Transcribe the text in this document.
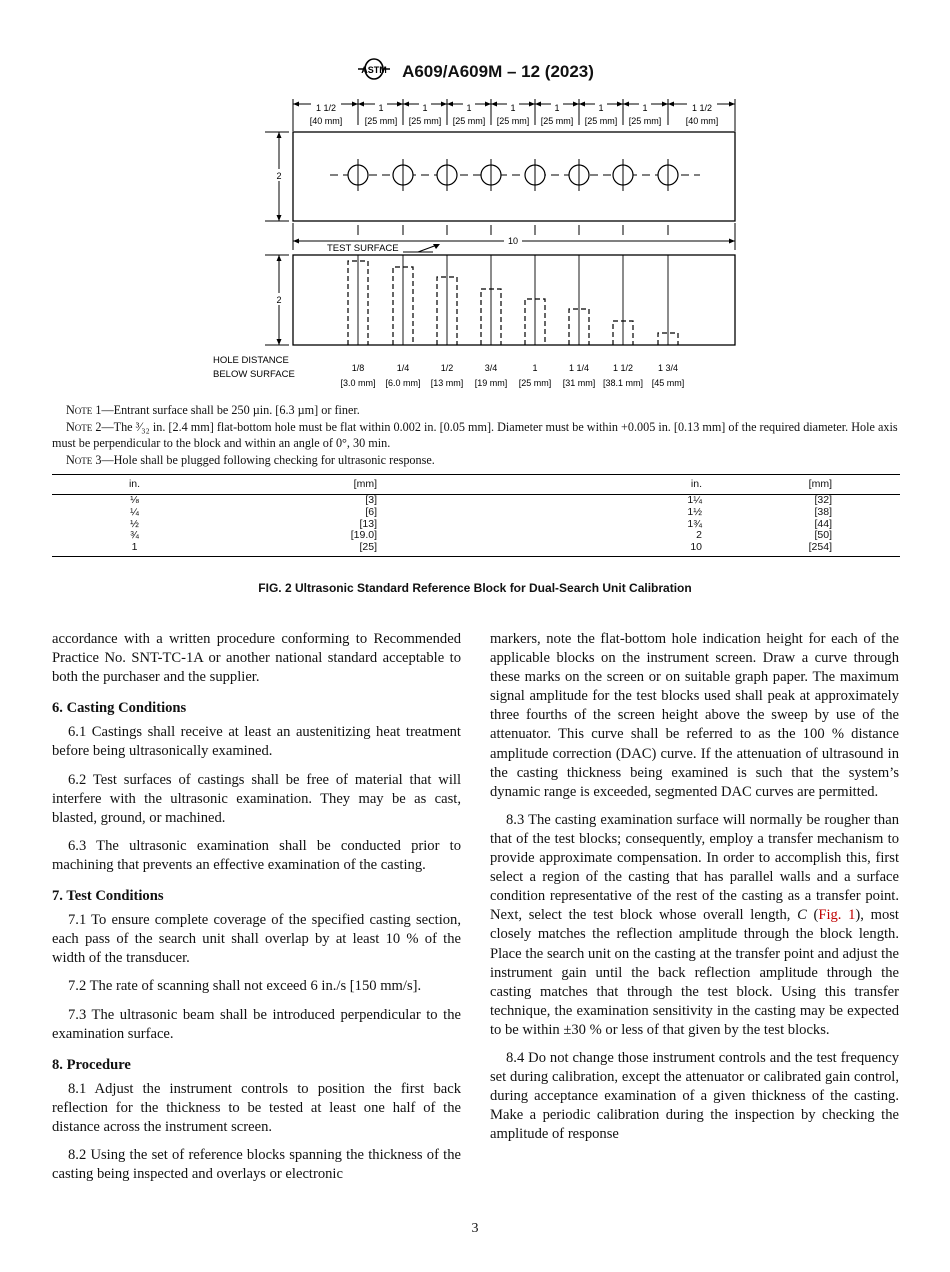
ASTM A609/A609M – 12 (2023)
1 1/2
[40 mm]
1
[25 mm]
1
[25 mm]
1
[25 mm]
1
[25 mm]
1
[25 mm]
1
[25 mm]
1
[25 mm]
1 1/2
[40 mm]
2
10
TEST SURFACE
2
HOLE DISTANCE
BELOW SURFACE
1/8	1/4	1/2	3/4	1	1 1/4	1 1/2	1 3/4
[3.0 mm] [6.0 mm] [13 mm] [19 mm] [25 mm] [31 mm] [38.1 mm] [45 mm]

Note 1—Entrant surface shall be 250 µin. [6.3 µm] or finer.

Note 2—The ³⁄₃₂ in. [2.4 mm] flat-bottom hole must be flat within 0.002 in. [0.05 mm]. Diameter must be within +0.005 in. [0.13 mm] of the required diameter. Hole axis must be perpendicular to the block and within an angle of 0°, 30 min.

Note 3—Hole shall be plugged following checking for ultrasonic response.

in.	[mm]	in.	[mm]
⅛	[3]	1¼	[32]
¼	[6]	1½	[38]
½	[13]	1¾	[44]
¾	[19.0]	2	[50]
1	[25]	10	[254]
FIG. 2 Ultrasonic Standard Reference Block for Dual-Search Unit Calibration

accordance with a written procedure conforming to Recommended Practice No. SNT-TC-1A or another national standard acceptable to both the purchaser and the supplier.

6. Casting Conditions

6.1 Castings shall receive at least an austenitizing heat treatment before being ultrasonically examined.

6.2 Test surfaces of castings shall be free of material that will interfere with the ultrasonic examination. They may be as cast, blasted, ground, or machined.

6.3 The ultrasonic examination shall be conducted prior to machining that prevents an effective examination of the casting.

7. Test Conditions

7.1 To ensure complete coverage of the specified casting section, each pass of the search unit shall overlap by at least 10 % of the width of the transducer.

7.2 The rate of scanning shall not exceed 6 in./s [150 mm/s].

7.3 The ultrasonic beam shall be introduced perpendicular to the examination surface.

8. Procedure

8.1 Adjust the instrument controls to position the first back reflection for the thickness to be tested at least one half of the distance across the instrument screen.

8.2 Using the set of reference blocks spanning the thickness of the casting being inspected and overlays or electronic

markers, note the flat-bottom hole indication height for each of the applicable blocks on the instrument screen. Draw a curve through these marks on the screen or on suitable graph paper. The maximum signal amplitude for the test blocks used shall peak at approximately three fourths of the screen height above the sweep by use of the attenuator. This curve shall be referred to as the 100 % distance amplitude correction (DAC) curve. If the attenuation of ultrasound in the casting thickness being examined is such that the system’s dynamic range is exceeded, segmented DAC curves are permitted.

8.3 The casting examination surface will normally be rougher than that of the test blocks; consequently, employ a transfer mechanism to provide approximate compensation. In order to accomplish this, first select a region of the casting that has parallel walls and a surface condition representative of the rest of the casting as a transfer point. Next, select the test block whose overall length, C (Fig. 1), most closely matches the reflection amplitude through the block length. Place the search unit on the casting at the transfer point and adjust the instrument gain until the back reflection amplitude through the casting matches that through the test block. Using this transfer technique, the examination sensitivity in the casting may be expected to be within ±30 % or less of that given by the test blocks.

8.4 Do not change those instrument controls and the test frequency set during calibration, except the attenuator or calibrated gain control, during acceptance examination of a given thickness of the casting. Make a periodic calibration during the inspection by checking the amplitude of response

3
